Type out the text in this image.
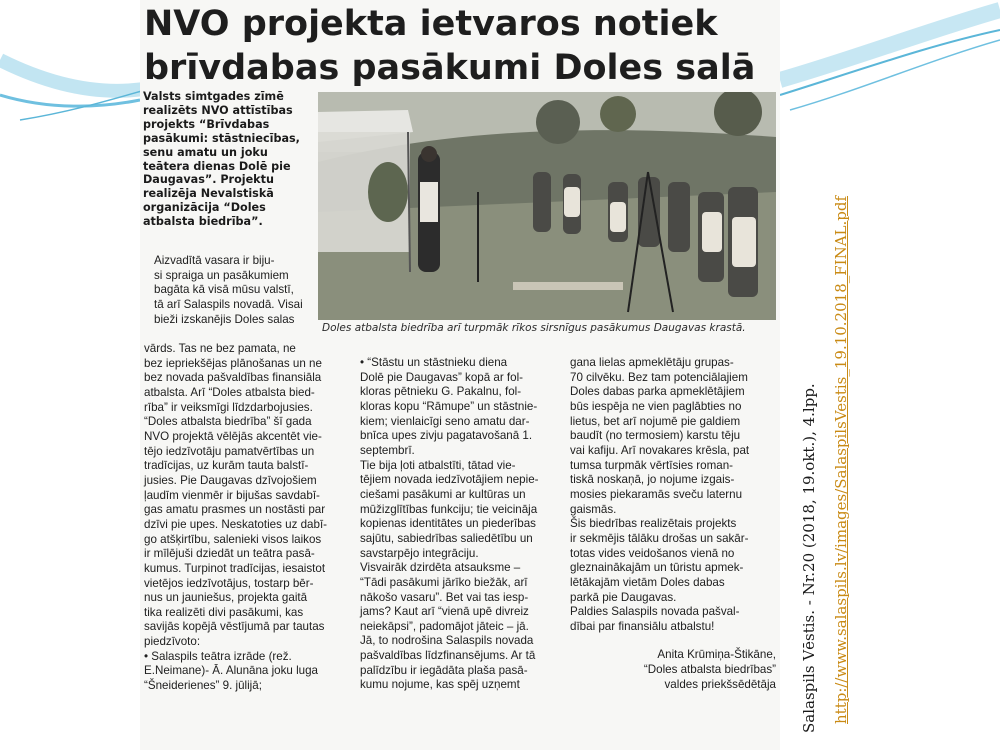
NVO projekta ietvaros notiek
brīvdabas pasākumi Doles salā
Valsts simtgades zīmē
realizēts NVO attīstības
projekts “Brīvdabas
pasākumi: stāstniecības,
senu amatu un joku
teātera dienas Dolē pie
Daugavas”. Projektu
realizēja Nevalstiskā
organizācija “Doles
atbalsta biedrība”.
Doles atbalsta biedrība arī turpmāk rīkos sirsnīgus pasākumus Daugavas krastā.
Aizvadītā vasara ir biju-
si spraiga un pasākumiem
bagāta kā visā mūsu valstī,
tā arī Salaspils novadā. Visai
bieži izskanējis Doles salas
vārds. Tas ne bez pamata, ne
bez iepriekšējas plānošanas un ne
bez novada pašvaldības finansiāla
atbalsta. Arī “Doles atbalsta bied-
rība” ir veiksmīgi līdzdarbojusies.
“Doles atbalsta biedrība” šī gada
NVO projektā vēlējās akcentēt vie-
tējo iedzīvotāju pamatvērtības un
tradīcijas, uz kurām tauta balstī-
jusies. Pie Daugavas dzīvojošiem
ļaudīm vienmēr ir bijušas savdabī-
gas amatu prasmes un nostāsti par
dzīvi pie upes. Neskatoties uz dabī-
go atšķirtību, salenieki visos laikos
ir mīlējuši dziedāt un teātra pasā-
kumus. Turpinot tradīcijas, iesaistot
vietējos iedzīvotājus, tostarp bēr-
nus un jauniešus, projekta gaitā
tika realizēti divi pasākumi, kas
savijās kopējā vēstījumā par tautas
piedzīvoto:
• Salaspils teātra izrāde (rež.
E.Neimane)- Ā. Alunāna joku luga
“Šneiderienes” 9. jūlijā;
• “Stāstu un stāstnieku diena
Dolē pie Daugavas” kopā ar fol-
kloras pētnieku G. Pakalnu, fol-
kloras kopu “Rāmupe” un stāstnie-
kiem; vienlaicīgi seno amatu dar-
bnīca upes zivju pagatavošanā 1.
septembrī.
Tie bija ļoti atbalstīti, tātad vie-
tējiem novada iedzīvotājiem nepie-
ciešami pasākumi ar kultūras un
mūžizglītības funkciju; tie veicināja
kopienas identitātes un piederības
sajūtu, sabiedrības saliedētību un
savstarpējo integrāciju.
Visvairāk dzirdēta atsauksme –
“Tādi pasākumi jārīko biežāk, arī
nākošo vasaru”. Bet vai tas iesp-
jams? Kaut arī “vienā upē divreiz
neiekāpsi”, padomājot jāteic – jā.
Jā, to nodrošina Salaspils novada
pašvaldības līdzfinansējums. Ar tā
palīdzību ir iegādāta plaša pasā-
kumu nojume, kas spēj uzņemt
gana lielas apmeklētāju grupas-
70 cilvēku. Bez tam potenciālajiem
Doles dabas parka apmeklētājiem
būs iespēja ne vien paglābties no
lietus, bet arī nojumē pie galdiem
baudīt (no termosiem) karstu tēju
vai kafiju. Arī novakares krēsla, pat
tumsa turpmāk vērtīsies roman-
tiskā noskaņā, jo nojume izgais-
mosies piekaramās sveču laternu
gaismās.
Šis biedrības realizētais projekts
ir sekmējis tālāku drošas un sakār-
totas vides veidošanos vienā no
gleznainākajām un tūristu apmek-
lētākajām vietām Doles dabas
parkā pie Daugavas.
Paldies Salaspils novada pašval-
dībai par finansiālu atbalstu!
Anita Krūmiņa-Štikāne,
“Doles atbalsta biedrības”
valdes priekšsēdētāja Salaspils Vēstis. - Nr.20 (2018, 19.okt.), 4.lpp. http://www.salaspils.lv/images/SalaspilsVestis_19.10.2018_FINAL.pdf
